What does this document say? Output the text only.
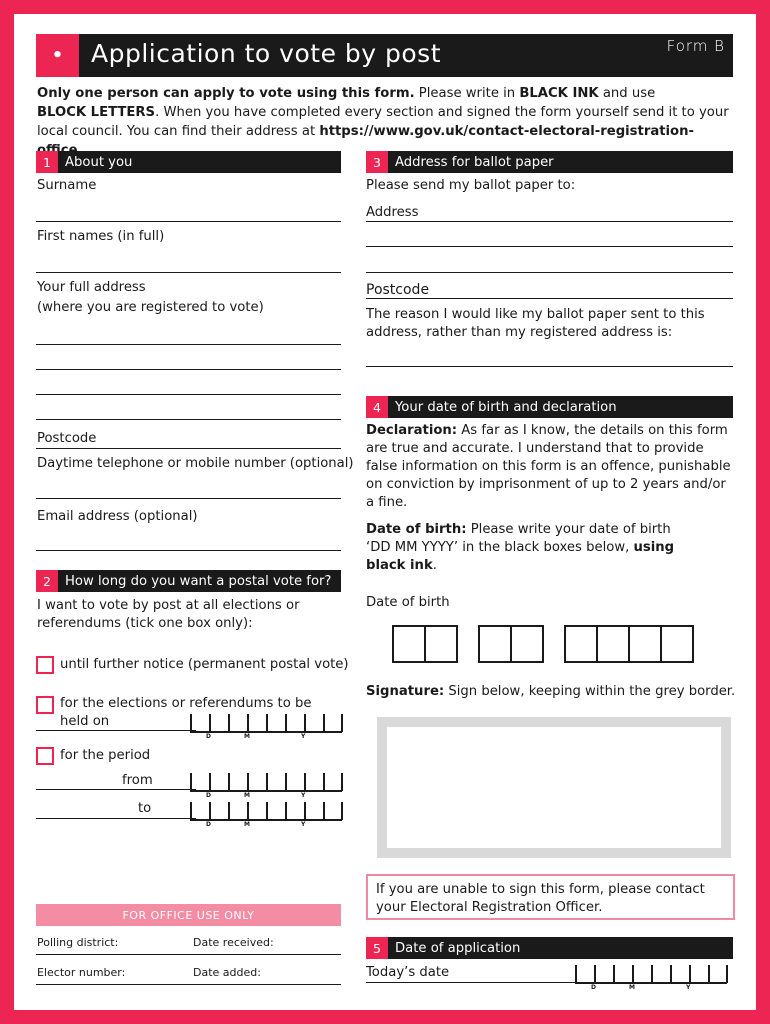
•	Application to vote by post	Form B
Only one person can apply to vote using this form. Please write in BLACK INK and use
BLOCK LETTERS. When you have completed every section and signed the form yourself send it to your local council. You can find their address at https://www.gov.uk/contact-electoral-registration-
1	About you
Surname
First names (in full)
Your full address
(where you are registered to vote)
Postcode
Daytime telephone or mobile number (optional)
Email address (optional)
2	How long do you want a postal vote for?
I want to vote by post at all elections or referendums (tick one box only):
until further notice (permanent postal vote)
for the elections or referendums to be
held on
D	M	Y
for the period
from
D	M	Y
to
D	M	Y
FOR OFFICE USE ONLY
Polling district:	Date received:
Elector number:	Date added:
3	Address for ballot paper
Please send my ballot paper to:
Address
Postcode
The reason I would like my ballot paper sent to this address, rather than my registered address is:
4	Your date of birth and declaration
Declaration: As far as I know, the details on this form are true and accurate. I understand that to provide false information on this form is an offence, punishable on conviction by imprisonment of up to 2 years and/or a fine.
Date of birth: Please write your date of birth ‘DD MM YYYY’ in the black boxes below, using black ink.
Date of birth
Signature: Sign below, keeping within the grey border.
If you are unable to sign this form, please contact your Electoral Registration Officer.
5	Date of application
Today’s date
D	M	Y
